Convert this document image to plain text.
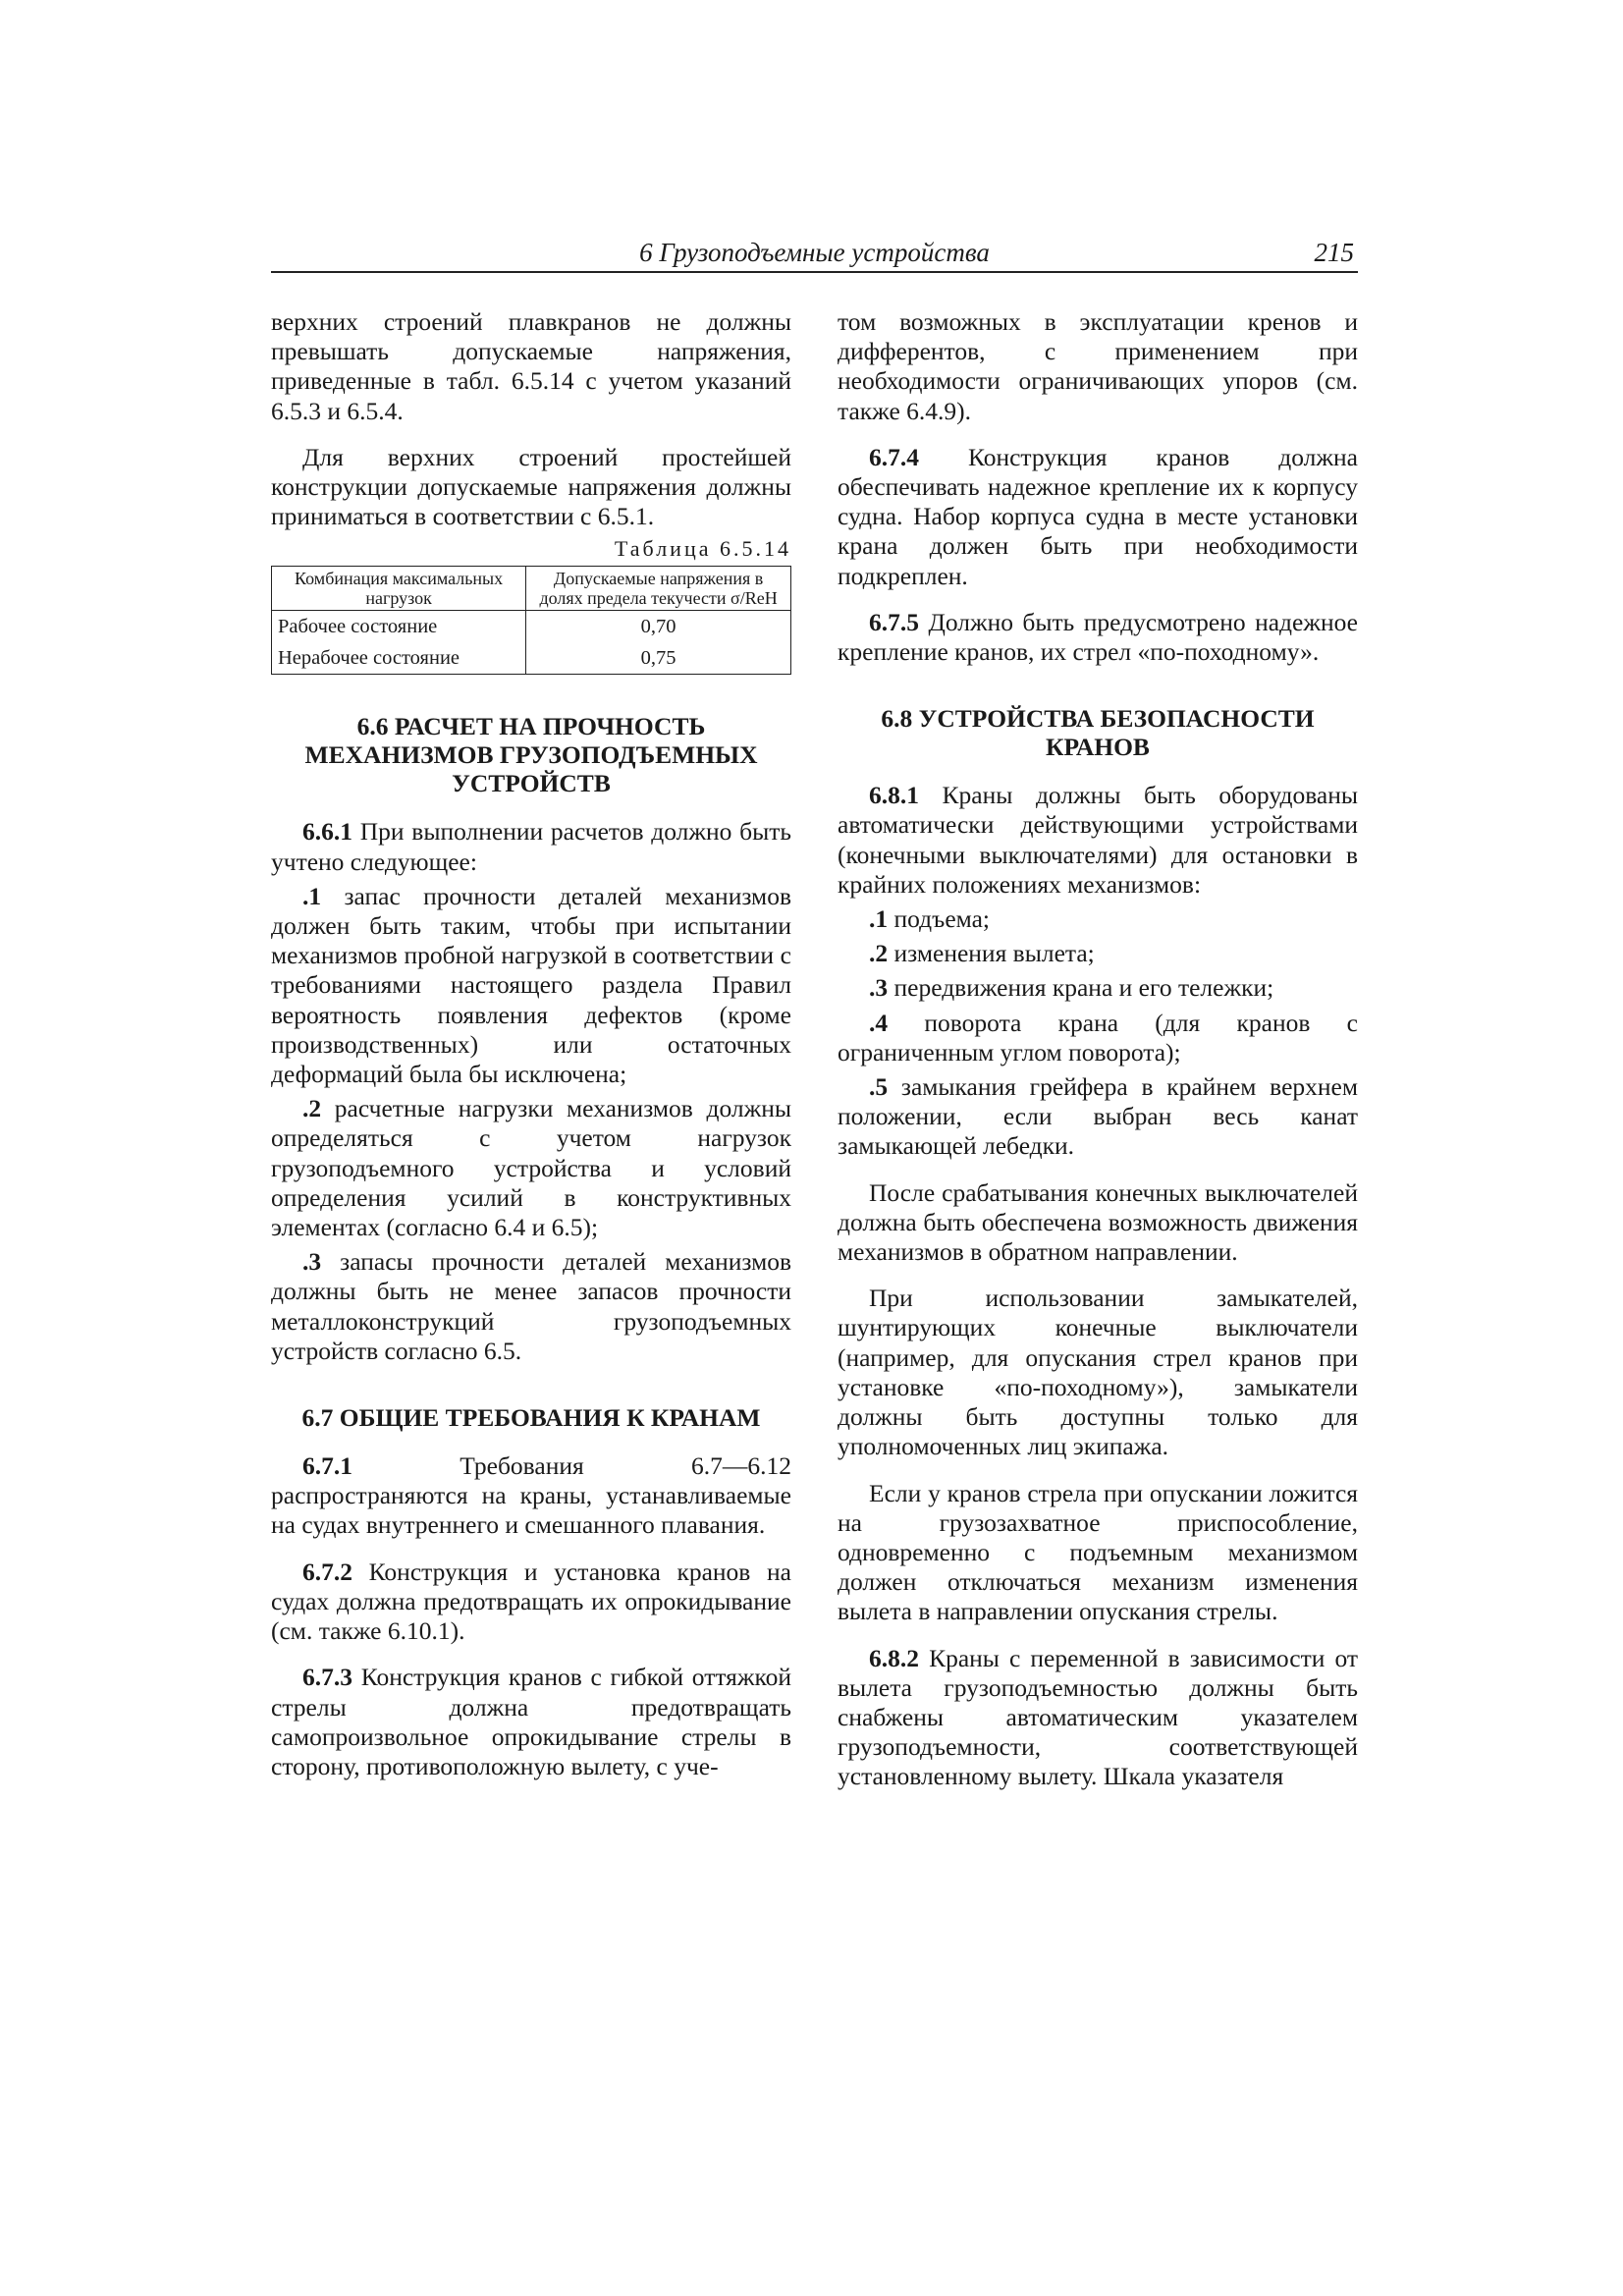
6 Грузоподъемные устройства	215

верхних строений плавкранов не должны превышать допускаемые напряжения, приведенные в табл. 6.5.14 с учетом указаний 6.5.3 и 6.5.4.

Для верхних строений простейшей конструкции допускаемые напряжения должны приниматься в соответствии с 6.5.1.

Таблица 6.5.14
Комбинация максимальных нагрузок	Допускаемые напряжения в долях предела текучести σ/RеН
Рабочее состояние	0,70
Нерабочее состояние	0,75
6.6 РАСЧЕТ НА ПРОЧНОСТЬ МЕХАНИЗМОВ ГРУЗОПОДЪЕМНЫХ УСТРОЙСТВ

6.6.1 При выполнении расчетов должно быть учтено следующее:

.1 запас прочности деталей механизмов должен быть таким, чтобы при испытании механизмов пробной нагрузкой в соответствии с требованиями настоящего раздела Правил вероятность появления дефектов (кроме производственных) или остаточных деформаций была бы исключена;

.2 расчетные нагрузки механизмов должны определяться с учетом нагрузок грузоподъемного устройства и условий определения усилий в конструктивных элементах (согласно 6.4 и 6.5);

.3 запасы прочности деталей механизмов должны быть не менее запасов прочности металлоконструкций грузоподъемных устройств согласно 6.5.

6.7 ОБЩИЕ ТРЕБОВАНИЯ К КРАНАМ

6.7.1 Требования 6.7—6.12 распространяются на краны, устанавливаемые на судах внутреннего и смешанного плавания.

6.7.2 Конструкция и установка кранов на судах должна предотвращать их опрокидывание (см. также 6.10.1).

6.7.3 Конструкция кранов с гибкой оттяжкой стрелы должна предотвращать самопроизвольное опрокидывание стрелы в сторону, противоположную вылету, с уче-

том возможных в эксплуатации кренов и дифферентов, с применением при необходимости ограничивающих упоров (см. также 6.4.9).

6.7.4 Конструкция кранов должна обеспечивать надежное крепление их к корпусу судна. Набор корпуса судна в месте установки крана должен быть при необходимости подкреплен.

6.7.5 Должно быть предусмотрено надежное крепление кранов, их стрел «по-походному».

6.8 УСТРОЙСТВА БЕЗОПАСНОСТИ КРАНОВ

6.8.1 Краны должны быть оборудованы автоматически действующими устройствами (конечными выключателями) для остановки в крайних положениях механизмов:

.1 подъема;

.2 изменения вылета;

.3 передвижения крана и его тележки;

.4 поворота крана (для кранов с ограниченным углом поворота);

.5 замыкания грейфера в крайнем верхнем положении, если выбран весь канат замыкающей лебедки.

После срабатывания конечных выключателей должна быть обеспечена возможность движения механизмов в обратном направлении.

При использовании замыкателей, шунтирующих конечные выключатели (например, для опускания стрел кранов при установке «по-походному»), замыкатели должны быть доступны только для уполномоченных лиц экипажа.

Если у кранов стрела при опускании ложится на грузозахватное приспособление, одновременно с подъемным механизмом должен отключаться механизм изменения вылета в направлении опускания стрелы.

6.8.2 Краны с переменной в зависимости от вылета грузоподъемностью должны быть снабжены автоматическим указателем грузоподъемности, соответствующей установленному вылету. Шкала указателя
